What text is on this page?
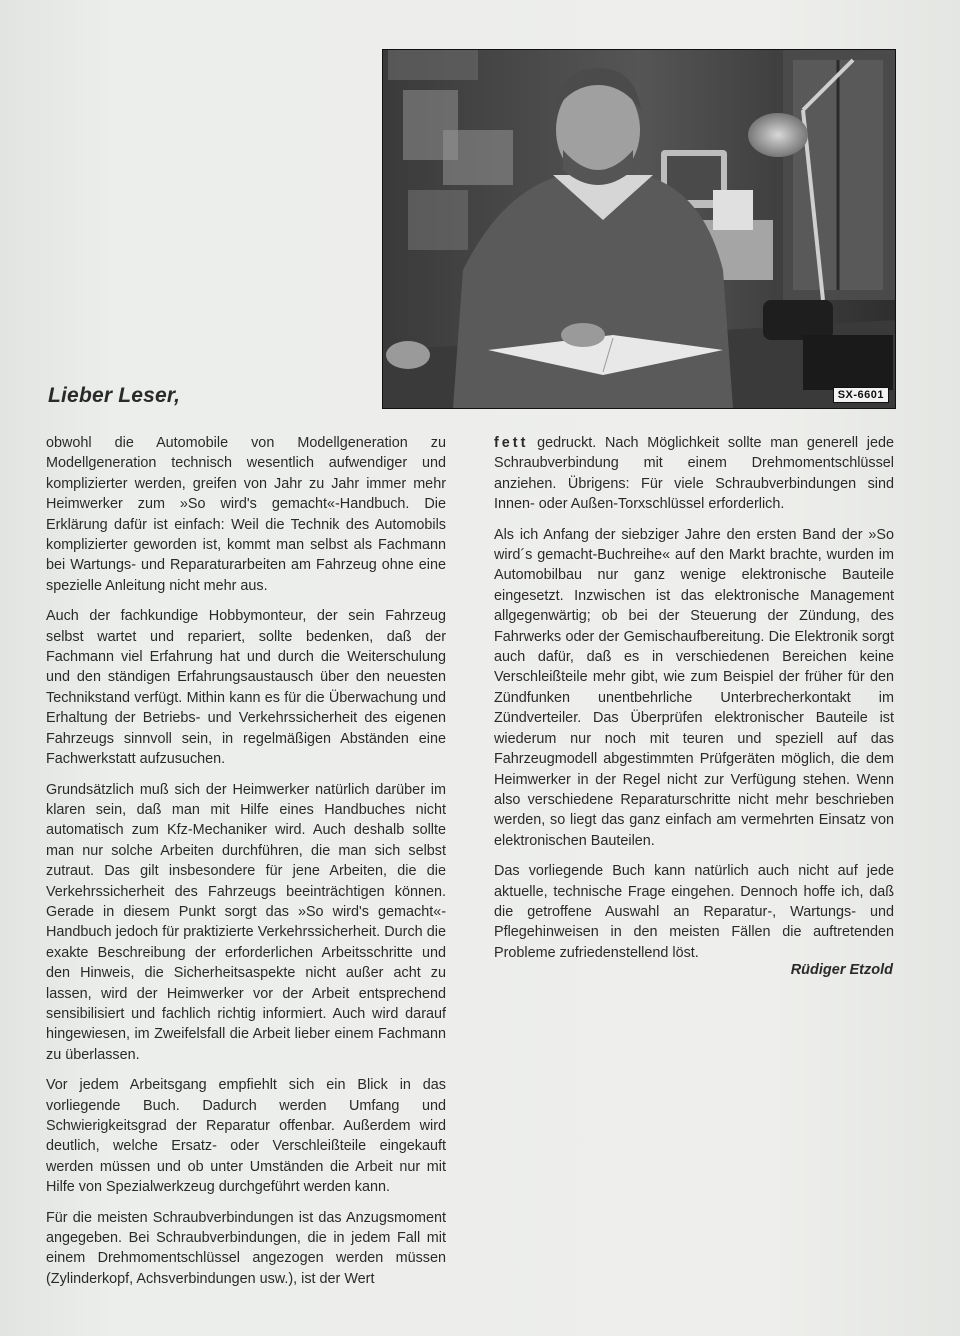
SX-6601
Lieber Leser,

obwohl die Automobile von Modellgeneration zu Modellgeneration technisch wesentlich aufwendiger und komplizierter werden, greifen von Jahr zu Jahr immer mehr Heimwerker zum »So wird's gemacht«-Handbuch. Die Erklärung dafür ist einfach: Weil die Technik des Automobils komplizierter geworden ist, kommt man selbst als Fachmann bei Wartungs- und Reparaturarbeiten am Fahrzeug ohne eine spezielle Anleitung nicht mehr aus.

Auch der fachkundige Hobbymonteur, der sein Fahrzeug selbst wartet und repariert, sollte bedenken, daß der Fachmann viel Erfahrung hat und durch die Weiterschulung und den ständigen Erfahrungsaustausch über den neuesten Technikstand verfügt. Mithin kann es für die Überwachung und Erhaltung der Betriebs- und Verkehrssicherheit des eigenen Fahrzeugs sinnvoll sein, in regelmäßigen Abständen eine Fachwerkstatt aufzusuchen.

Grundsätzlich muß sich der Heimwerker natürlich darüber im klaren sein, daß man mit Hilfe eines Handbuches nicht automatisch zum Kfz-Mechaniker wird. Auch deshalb sollte man nur solche Arbeiten durchführen, die man sich selbst zutraut. Das gilt insbesondere für jene Arbeiten, die die Verkehrssicherheit des Fahrzeugs beeinträchtigen können. Gerade in diesem Punkt sorgt das »So wird's gemacht«-Handbuch jedoch für praktizierte Verkehrssicherheit. Durch die exakte Beschreibung der erforderlichen Arbeitsschritte und den Hinweis, die Sicherheitsaspekte nicht außer acht zu lassen, wird der Heimwerker vor der Arbeit entsprechend sensibilisiert und fachlich richtig informiert. Auch wird darauf hingewiesen, im Zweifelsfall die Arbeit lieber einem Fachmann zu überlassen.

Vor jedem Arbeitsgang empfiehlt sich ein Blick in das vorliegende Buch. Dadurch werden Umfang und Schwierigkeitsgrad der Reparatur offenbar. Außerdem wird deutlich, welche Ersatz- oder Verschleißteile eingekauft werden müssen und ob unter Umständen die Arbeit nur mit Hilfe von Spezialwerkzeug durchgeführt werden kann.

Für die meisten Schraubverbindungen ist das Anzugsmoment angegeben. Bei Schraubverbindungen, die in jedem Fall mit einem Drehmomentschlüssel angezogen werden müssen (Zylinderkopf, Achsverbindungen usw.), ist der Wert

fett gedruckt. Nach Möglichkeit sollte man generell jede Schraubverbindung mit einem Drehmomentschlüssel anziehen. Übrigens: Für viele Schraubverbindungen sind Innen- oder Außen-Torxschlüssel erforderlich.

Als ich Anfang der siebziger Jahre den ersten Band der »So wird´s gemacht-Buchreihe« auf den Markt brachte, wurden im Automobilbau nur ganz wenige elektronische Bauteile eingesetzt. Inzwischen ist das elektronische Management allgegenwärtig; ob bei der Steuerung der Zündung, des Fahrwerks oder der Gemischaufbereitung. Die Elektronik sorgt auch dafür, daß es in verschiedenen Bereichen keine Verschleißteile mehr gibt, wie zum Beispiel der früher für den Zündfunken unentbehrliche Unterbrecherkontakt im Zündverteiler. Das Überprüfen elektronischer Bauteile ist wiederum nur noch mit teuren und speziell auf das Fahrzeugmodell abgestimmten Prüfgeräten möglich, die dem Heimwerker in der Regel nicht zur Verfügung stehen. Wenn also verschiedene Reparaturschritte nicht mehr beschrieben werden, so liegt das ganz einfach am vermehrten Einsatz von elektronischen Bauteilen.

Das vorliegende Buch kann natürlich auch nicht auf jede aktuelle, technische Frage eingehen. Dennoch hoffe ich, daß die getroffene Auswahl an Reparatur-, Wartungs- und Pflegehinweisen in den meisten Fällen die auftretenden Probleme zufriedenstellend löst.

Rüdiger Etzold
